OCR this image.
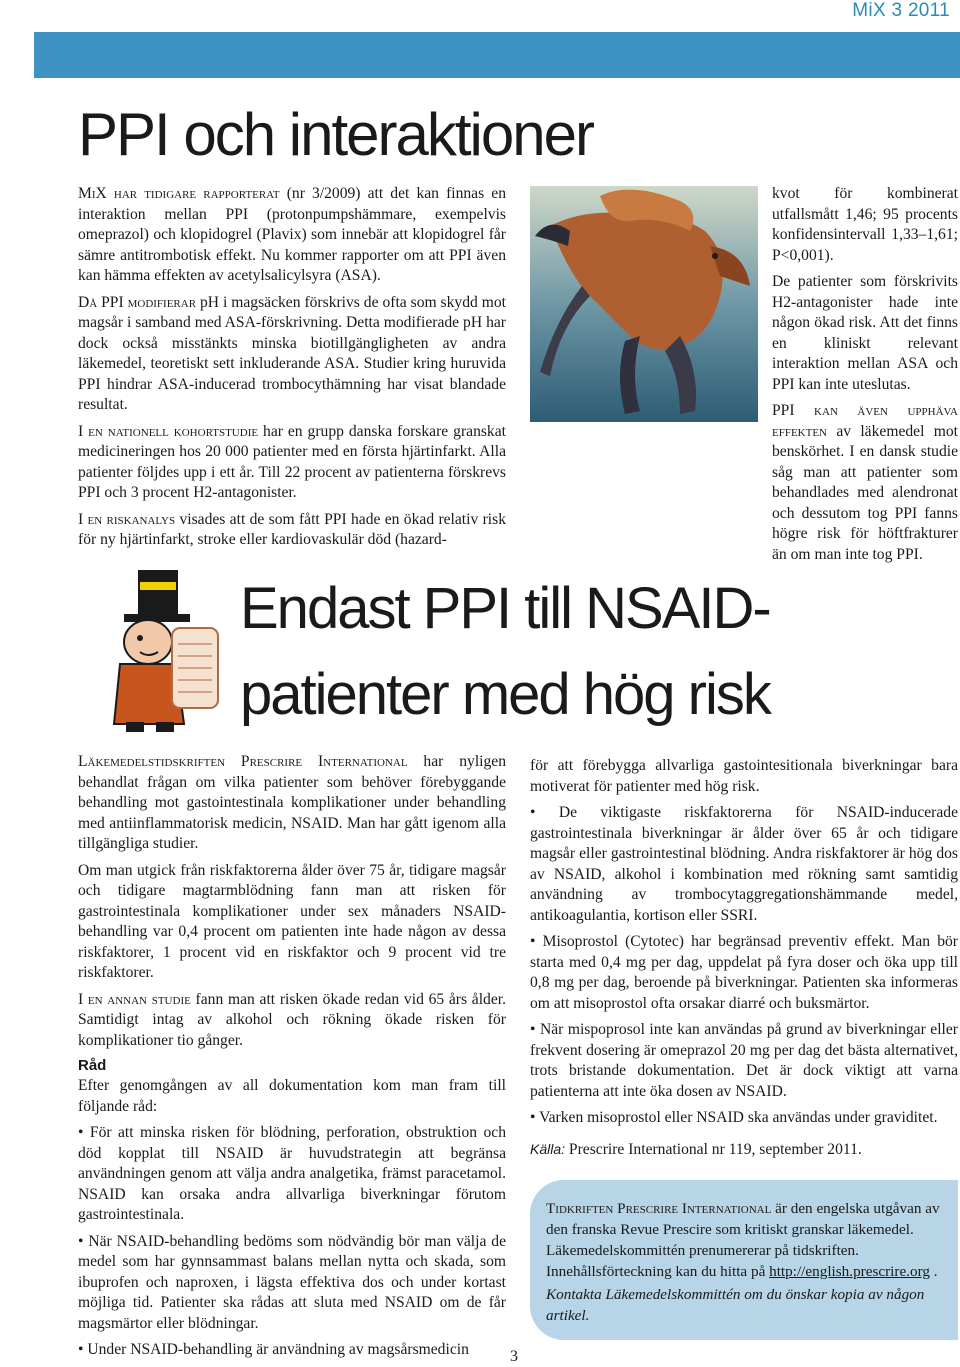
MiX 3 2011
PPI och interaktioner

MiX har tidigare rapporterat (nr 3/2009) att det kan finnas en interaktion mellan PPI (protonpumpshämmare, exempelvis omeprazol) och klopidogrel (Plavix) som innebär att klopidogrel får sämre antitrombotisk effekt. Nu kommer rapporter om att PPI även kan hämma effekten av acetylsalicylsyra (ASA).

Då PPI modifierar pH i magsäcken förskrivs de ofta som skydd mot magsår i samband med ASA-förskrivning. Detta modifierade pH har dock också misstänkts minska biotillgängligheten av andra läkemedel, teoretiskt sett inkluderande ASA. Studier kring huruvida PPI hindrar ASA-inducerad trombocythämning har visat blandade resultat.

I en nationell kohortstudie har en grupp danska forskare granskat medicineringen hos 20 000 patienter med en första hjärtinfarkt. Alla patienter följdes upp i ett år. Till 22 procent av patienterna förskrevs PPI och 3 procent H2-antagonister.

I en riskanalys visades att de som fått PPI hade en ökad relativ risk för ny hjärtinfarkt, stroke eller kardiovaskulär död (hazard-

kvot för kombinerat utfallsmått 1,46; 95 procents konfidensintervall 1,33–1,61; P<0,001).

De patienter som förskrivits H2-antagonister hade inte någon ökad risk. Att det finns en kliniskt relevant interaktion mellan ASA och PPI kan inte uteslutas.

PPI kan även upphäva effekten av läkemedel mot benskörhet. I en dansk studie såg man att patienter som behandlades med alendronat och dessutom tog PPI fanns högre risk för höftfrakturer än om man inte tog PPI.

Endast PPI till NSAID-
patienter med hög risk

Läkemedelstidskriften Prescrire International har nyligen behandlat frågan om vilka patienter som behöver förebyggande behandling mot gastointestinala komplikationer under behandling med antiinflammatorisk medicin, NSAID. Man har gått igenom alla tillgängliga studier.

Om man utgick från riskfaktorerna ålder över 75 år, tidigare magsår och tidigare magtarmblödning fann man att risken för gastrointestinala komplikationer under sex månaders NSAID-behandling var 0,4 procent om patienten inte hade någon av dessa riskfaktorer, 1 procent vid en riskfaktor och 9 procent vid tre riskfaktorer.

I en annan studie fann man att risken ökade redan vid 65 års ålder. Samtidigt intag av alkohol och rökning ökade risken för komplikationer tio gånger.

Råd

Efter genomgången av all dokumentation kom man fram till följande råd:

• För att minska risken för blödning, perforation, obstruktion och död kopplat till NSAID är huvudstrategin att begränsa användningen genom att välja andra analgetika, främst paracetamol. NSAID kan orsaka andra allvarliga biverkningar förutom gastrointestinala.

• När NSAID-behandling bedöms som nödvändig bör man välja de medel som har gynnsammast balans mellan nytta och skada, som ibuprofen och naproxen, i lägsta effektiva dos och under kortast möjliga tid. Patienter ska rådas att sluta med NSAID om de får magsmärtor eller blödningar.

• Under NSAID-behandling är användning av magsårsmedicin

för att förebygga allvarliga gastointesitionala biverkningar bara motiverat för patienter med hög risk.

• De viktigaste riskfaktorerna för NSAID-inducerade gastrointestinala biverkningar är ålder över 65 år och tidigare magsår eller gastrointestinal blödning. Andra riskfaktorer är hög dos av NSAID, alkohol i kombination med rökning samt samtidig användning av trombocytaggregationshämmande medel, antikoagulantia, kortison eller SSRI.

• Misoprostol (Cytotec) har begränsad preventiv effekt. Man bör starta med 0,4 mg per dag, uppdelat på fyra doser och öka upp till 0,8 mg per dag, beroende på biverkningar. Patienten ska informeras om att misoprostol ofta orsakar diarré och buksmärtor.

• När mispoprosol inte kan användas på grund av biverkningar eller frekvent dosering är omeprazol 20 mg per dag det bästa alternativet, trots bristande dokumentation. Det är dock viktigt att varna patienterna att inte öka dosen av NSAID.

• Varken misoprostol eller NSAID ska användas under graviditet.

Källa: Prescrire International nr 119, september 2011.

Tidkriften Prescrire International är den engelska utgåvan av den franska Revue Prescire som kritiskt granskar läkemedel. Läkemedelskommittén prenumererar på tidskriften. Innehållsförteckning kan du hitta på http://english.prescrire.org .

Kontakta Läkemedelskommittén om du önskar kopia av någon artikel.

3
